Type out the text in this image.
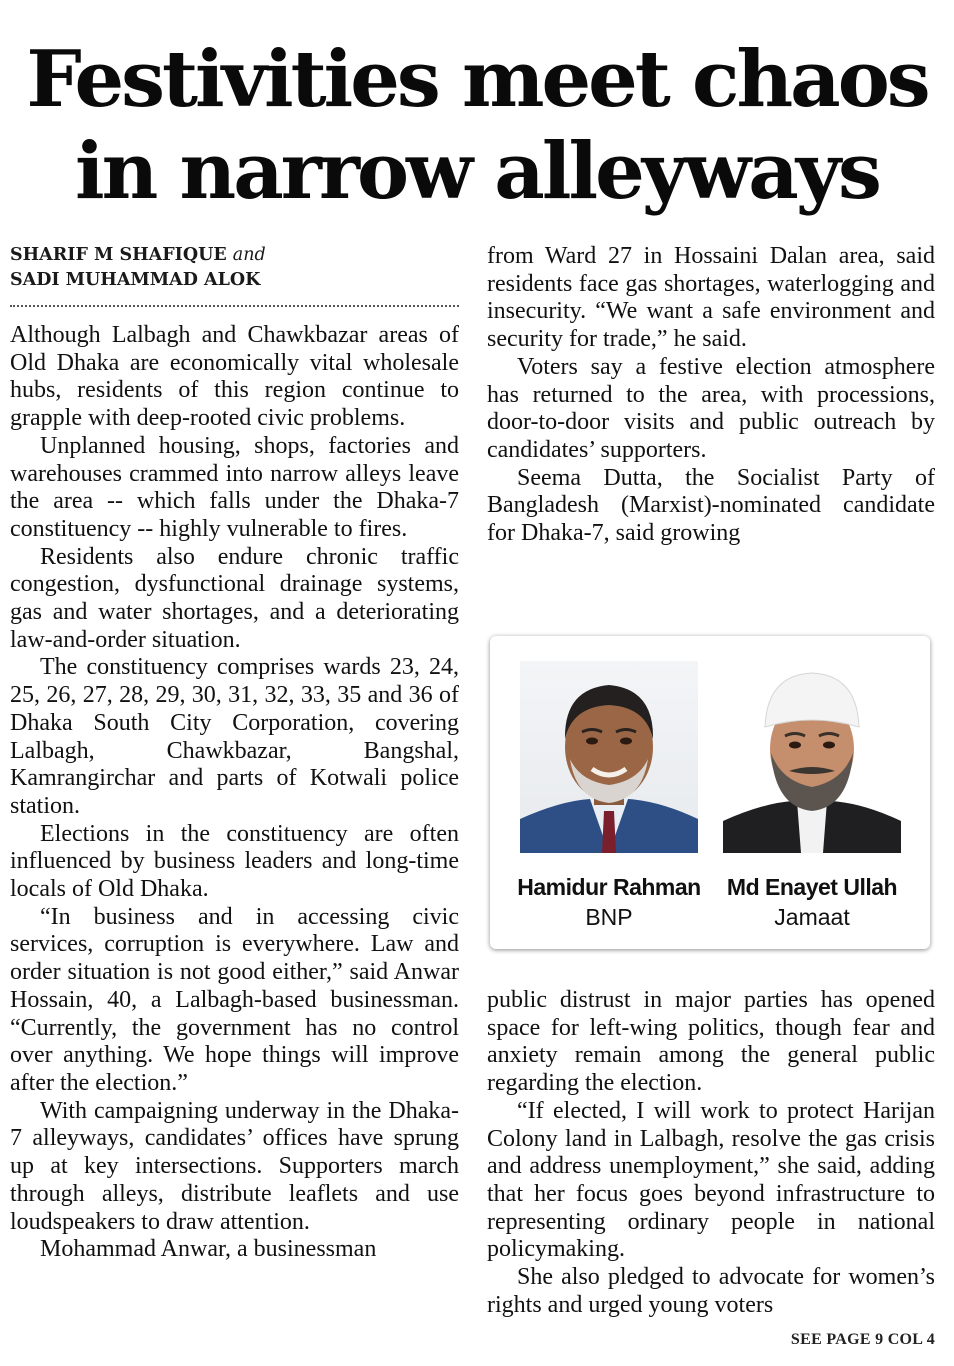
Festivities meet chaos
in narrow alleyways
SHARIF M SHAFIQUE and
SADI MUHAMMAD ALOK

Although Lalbagh and Chawkbazar areas of Old Dhaka are economically vital wholesale hubs, residents of this region continue to grapple with deep-rooted civic problems.

Unplanned housing, shops, factories and warehouses crammed into narrow alleys leave the area -- which falls under the Dhaka-7 constituency -- highly vulnerable to fires.

Residents also endure chronic traffic congestion, dysfunctional drainage systems, gas and water shortages, and a deteriorating law-and-order situation.

The constituency comprises wards 23, 24, 25, 26, 27, 28, 29, 30, 31, 32, 33, 35 and 36 of Dhaka South City Corporation, covering Lalbagh, Chawkbazar, Bangshal, Kamrangirchar and parts of Kotwali police station.

Elections in the constituency are often influenced by business leaders and long-time locals of Old Dhaka.

“In business and in accessing civic services, corruption is everywhere. Law and order situation is not good either,” said Anwar Hossain, 40, a Lalbagh-based businessman. “Currently, the government has no control over anything. We hope things will improve after the election.”

With campaigning underway in the Dhaka-7 alleyways, candidates’ offices have sprung up at key intersections. Supporters march through alleys, distribute leaflets and use loudspeakers to draw attention.

Mohammad Anwar, a businessman

from Ward 27 in Hossaini Dalan area, said residents face gas shortages, waterlogging and insecurity. “We want a safe environment and security for trade,” he said.

Voters say a festive election atmosphere has returned to the area, with processions, door-to-door visits and public outreach by candidates’ supporters.

Seema Dutta, the Socialist Party of Bangladesh (Marxist)-nominated candidate for Dhaka-7, said growing

Hamidur Rahman
BNP
Md Enayet Ullah
Jamaat

public distrust in major parties has opened space for left-wing politics, though fear and anxiety remain among the general public regarding the election.

“If elected, I will work to protect Harijan Colony land in Lalbagh, resolve the gas crisis and address unemployment,” she said, adding that her focus goes beyond infrastructure to representing ordinary people in national policymaking.

She also pledged to advocate for women’s rights and urged young voters

SEE PAGE 9 COL 4
